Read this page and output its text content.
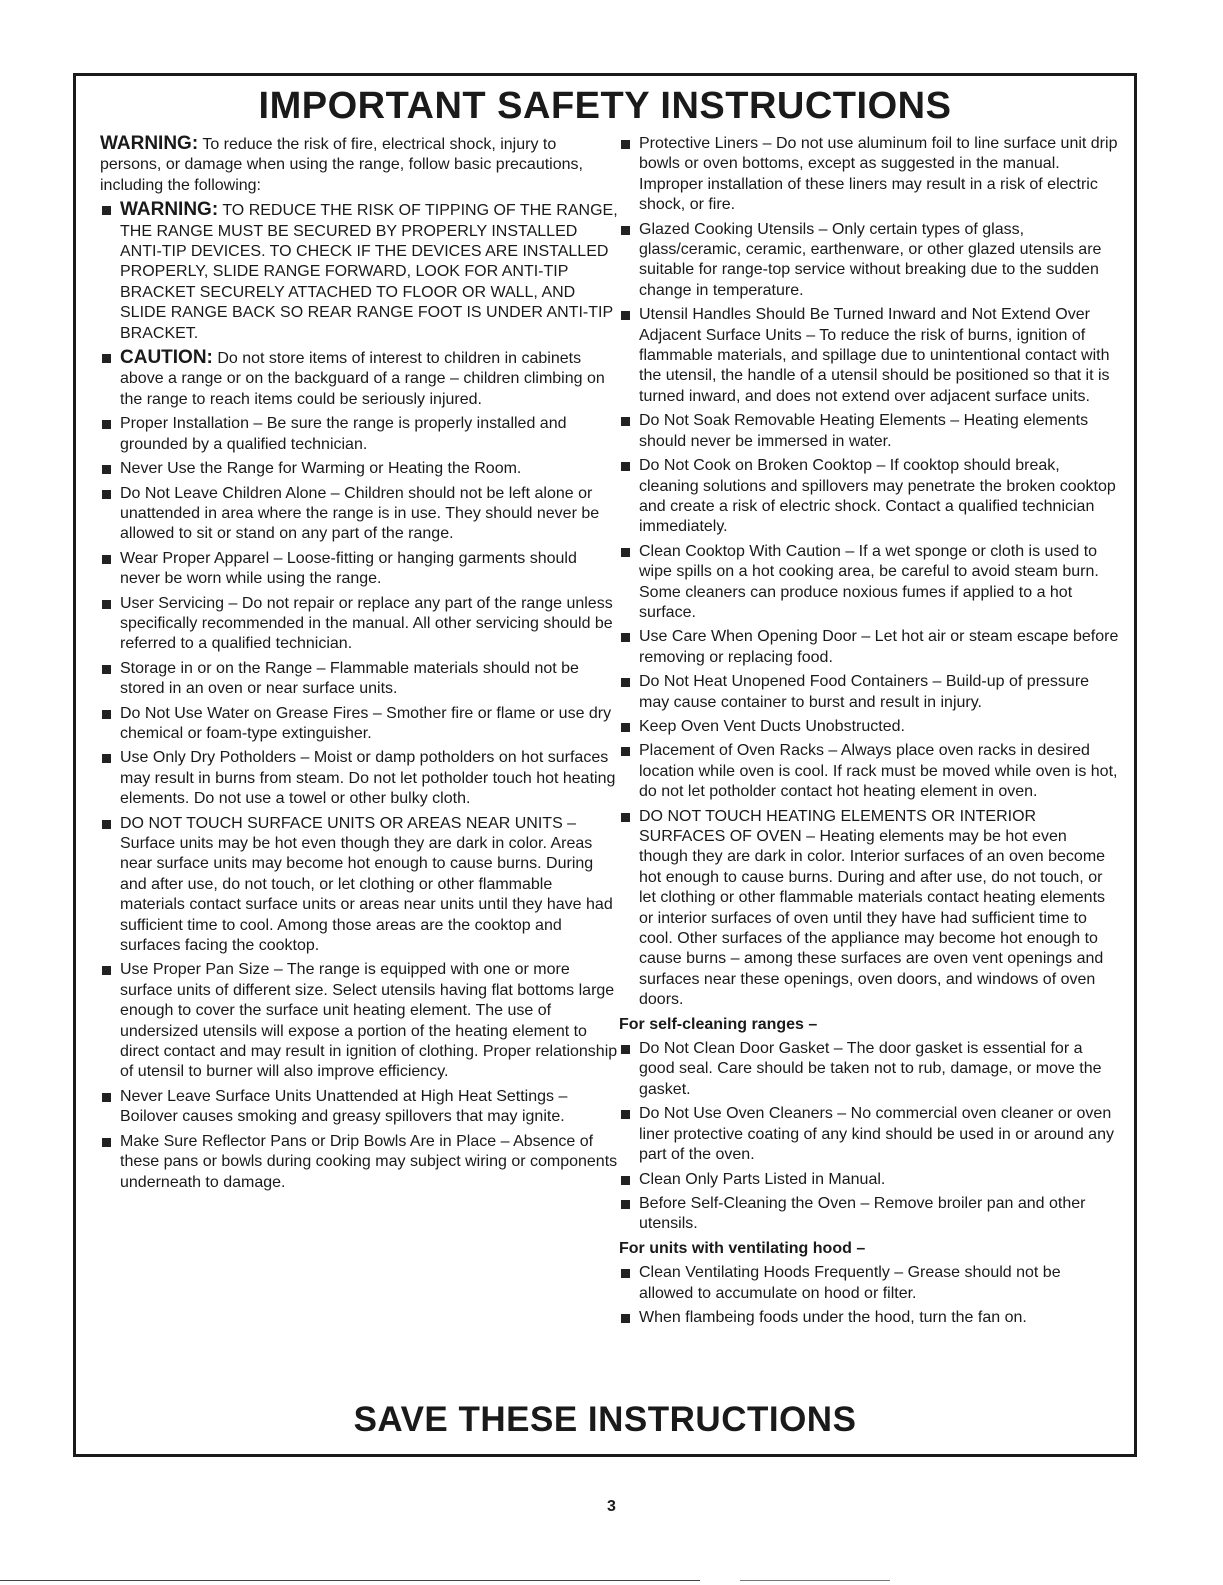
IMPORTANT SAFETY INSTRUCTIONS

WARNING: To reduce the risk of fire, electrical shock, injury to persons, or damage when using the range, follow basic precautions, including the following:

WARNING: TO REDUCE THE RISK OF TIPPING OF THE RANGE, THE RANGE MUST BE SECURED BY PROPERLY INSTALLED ANTI-TIP DEVICES. TO CHECK IF THE DEVICES ARE INSTALLED PROPERLY, SLIDE RANGE FORWARD, LOOK FOR ANTI-TIP BRACKET SECURELY ATTACHED TO FLOOR OR WALL, AND SLIDE RANGE BACK SO REAR RANGE FOOT IS UNDER ANTI-TIP BRACKET.
CAUTION: Do not store items of interest to children in cabinets above a range or on the backguard of a range – children climbing on the range to reach items could be seriously injured.
Proper Installation – Be sure the range is properly installed and grounded by a qualified technician.
Never Use the Range for Warming or Heating the Room.
Do Not Leave Children Alone – Children should not be left alone or unattended in area where the range is in use. They should never be allowed to sit or stand on any part of the range.
Wear Proper Apparel – Loose-fitting or hanging garments should never be worn while using the range.
User Servicing – Do not repair or replace any part of the range unless specifically recommended in the manual. All other servicing should be referred to a qualified technician.
Storage in or on the Range – Flammable materials should not be stored in an oven or near surface units.
Do Not Use Water on Grease Fires – Smother fire or flame or use dry chemical or foam-type extinguisher.
Use Only Dry Potholders – Moist or damp potholders on hot surfaces may result in burns from steam. Do not let potholder touch hot heating elements. Do not use a towel or other bulky cloth.
DO NOT TOUCH SURFACE UNITS OR AREAS NEAR UNITS – Surface units may be hot even though they are dark in color. Areas near surface units may become hot enough to cause burns. During and after use, do not touch, or let clothing or other flammable materials contact surface units or areas near units until they have had sufficient time to cool. Among those areas are the cooktop and surfaces facing the cooktop.
Use Proper Pan Size – The range is equipped with one or more surface units of different size. Select utensils having flat bottoms large enough to cover the surface unit heating element. The use of undersized utensils will expose a portion of the heating element to direct contact and may result in ignition of clothing. Proper relationship of utensil to burner will also improve efficiency.
Never Leave Surface Units Unattended at High Heat Settings – Boilover causes smoking and greasy spillovers that may ignite.
Make Sure Reflector Pans or Drip Bowls Are in Place – Absence of these pans or bowls during cooking may subject wiring or components underneath to damage.
Protective Liners – Do not use aluminum foil to line surface unit drip bowls or oven bottoms, except as suggested in the manual. Improper installation of these liners may result in a risk of electric shock, or fire.
Glazed Cooking Utensils – Only certain types of glass, glass/ceramic, ceramic, earthenware, or other glazed utensils are suitable for range-top service without breaking due to the sudden change in temperature.
Utensil Handles Should Be Turned Inward and Not Extend Over Adjacent Surface Units – To reduce the risk of burns, ignition of flammable materials, and spillage due to unintentional contact with the utensil, the handle of a utensil should be positioned so that it is turned inward, and does not extend over adjacent surface units.
Do Not Soak Removable Heating Elements – Heating elements should never be immersed in water.
Do Not Cook on Broken Cooktop – If cooktop should break, cleaning solutions and spillovers may penetrate the broken cooktop and create a risk of electric shock. Contact a qualified technician immediately.
Clean Cooktop With Caution – If a wet sponge or cloth is used to wipe spills on a hot cooking area, be careful to avoid steam burn. Some cleaners can produce noxious fumes if applied to a hot surface.
Use Care When Opening Door – Let hot air or steam escape before removing or replacing food.
Do Not Heat Unopened Food Containers – Build-up of pressure may cause container to burst and result in injury.
Keep Oven Vent Ducts Unobstructed.
Placement of Oven Racks – Always place oven racks in desired location while oven is cool. If rack must be moved while oven is hot, do not let potholder contact hot heating element in oven.
DO NOT TOUCH HEATING ELEMENTS OR INTERIOR SURFACES OF OVEN – Heating elements may be hot even though they are dark in color. Interior surfaces of an oven become hot enough to cause burns. During and after use, do not touch, or let clothing or other flammable materials contact heating elements or interior surfaces of oven until they have had sufficient time to cool. Other surfaces of the appliance may become hot enough to cause burns – among these surfaces are oven vent openings and surfaces near these openings, oven doors, and windows of oven doors.

For self-cleaning ranges –

Do Not Clean Door Gasket – The door gasket is essential for a good seal. Care should be taken not to rub, damage, or move the gasket.
Do Not Use Oven Cleaners – No commercial oven cleaner or oven liner protective coating of any kind should be used in or around any part of the oven.
Clean Only Parts Listed in Manual.
Before Self-Cleaning the Oven – Remove broiler pan and other utensils.

For units with ventilating hood –

Clean Ventilating Hoods Frequently – Grease should not be allowed to accumulate on hood or filter.
When flambeing foods under the hood, turn the fan on.
SAVE THESE INSTRUCTIONS
3
